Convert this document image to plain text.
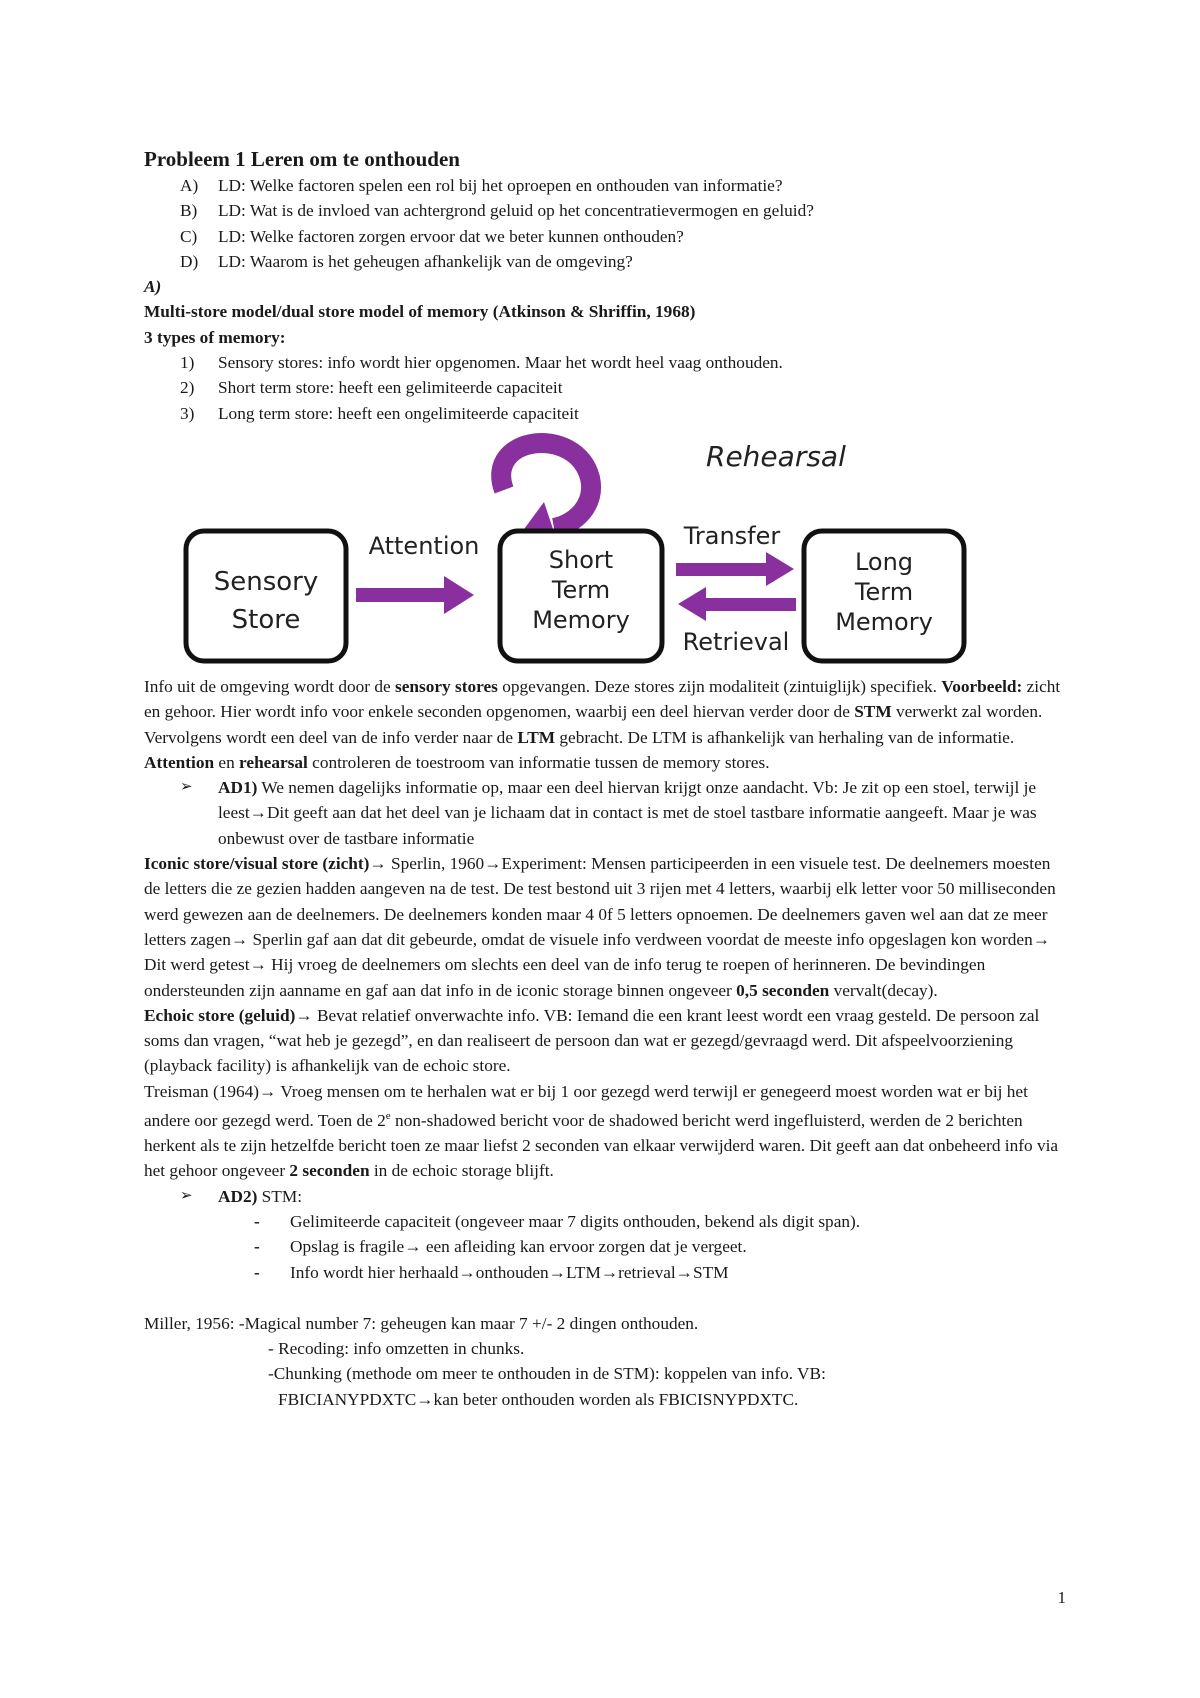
Probleem 1 Leren om te onthouden

A) LD: Welke factoren spelen een rol bij het oproepen en onthouden van informatie?
B) LD: Wat is de invloed van achtergrond geluid op het concentratievermogen en geluid?
C) LD: Welke factoren zorgen ervoor dat we beter kunnen onthouden?
D) LD: Waarom is het geheugen afhankelijk van de omgeving?

A)

Multi-store model/dual store model of memory (Atkinson & Shriffin, 1968)

3 types of memory:

1) Sensory stores: info wordt hier opgenomen. Maar het wordt heel vaag onthouden.
2) Short term store: heeft een gelimiteerde capaciteit
3) Long term store: heeft een ongelimiteerde capaciteit
Rehearsal
Sensory
Store
Short
Term
Memory
Long
Term
Memory
Attention	Transfer
Retrieval

Info uit de omgeving wordt door de sensory stores opgevangen. Deze stores zijn modaliteit (zintuiglijk) specifiek. Voorbeeld: zicht en gehoor. Hier wordt info voor enkele seconden opgenomen, waarbij een deel hiervan verder door de STM verwerkt zal worden. Vervolgens wordt een deel van de info verder naar de LTM gebracht. De LTM is afhankelijk van herhaling van de informatie. Attention en rehearsal controleren de toestroom van informatie tussen de memory stores.

➢ AD1) We nemen dagelijks informatie op, maar een deel hiervan krijgt onze aandacht. Vb: Je zit op een stoel, terwijl je leest→Dit geeft aan dat het deel van je lichaam dat in contact is met de stoel tastbare informatie aangeeft. Maar je was onbewust over de tastbare informatie

Iconic store/visual store (zicht)→ Sperlin, 1960→Experiment: Mensen participeerden in een visuele test. De deelnemers moesten de letters die ze gezien hadden aangeven na de test. De test bestond uit 3 rijen met 4 letters, waarbij elk letter voor 50 milliseconden werd gewezen aan de deelnemers. De deelnemers konden maar 4 0f 5 letters opnoemen. De deelnemers gaven wel aan dat ze meer letters zagen→ Sperlin gaf aan dat dit gebeurde, omdat de visuele info verdween voordat de meeste info opgeslagen kon worden→ Dit werd getest→ Hij vroeg de deelnemers om slechts een deel van de info terug te roepen of herinneren. De bevindingen ondersteunden zijn aanname en gaf aan dat info in de iconic storage binnen ongeveer 0,5 seconden vervalt(decay).

Echoic store (geluid)→ Bevat relatief onverwachte info. VB: Iemand die een krant leest wordt een vraag gesteld. De persoon zal soms dan vragen, “wat heb je gezegd”, en dan realiseert de persoon dan wat er gezegd/gevraagd werd. Dit afspeelvoorziening (playback facility) is afhankelijk van de echoic store.

Treisman (1964)→ Vroeg mensen om te herhalen wat er bij 1 oor gezegd werd terwijl er genegeerd moest worden wat er bij het andere oor gezegd werd. Toen de 2e non-shadowed bericht voor de shadowed bericht werd ingefluisterd, werden de 2 berichten herkent als te zijn hetzelfde bericht toen ze maar liefst 2 seconden van elkaar verwijderd waren. Dit geeft aan dat onbeheerd info via het gehoor ongeveer 2 seconden in de echoic storage blijft.

➢ AD2) STM:

- Gelimiteerde capaciteit (ongeveer maar 7 digits onthouden, bekend als digit span).
- Opslag is fragile→ een afleiding kan ervoor zorgen dat je vergeet.
- Info wordt hier herhaald→onthouden→LTM→retrieval→STM

Miller, 1956: -Magical number 7: geheugen kan maar 7 +/- 2 dingen onthouden.

- Recoding: info omzetten in chunks.

-Chunking (methode om meer te onthouden in de STM): koppelen van info. VB:

FBICIANYPDXTC→kan beter onthouden worden als FBICISNYPDXTC.

1
